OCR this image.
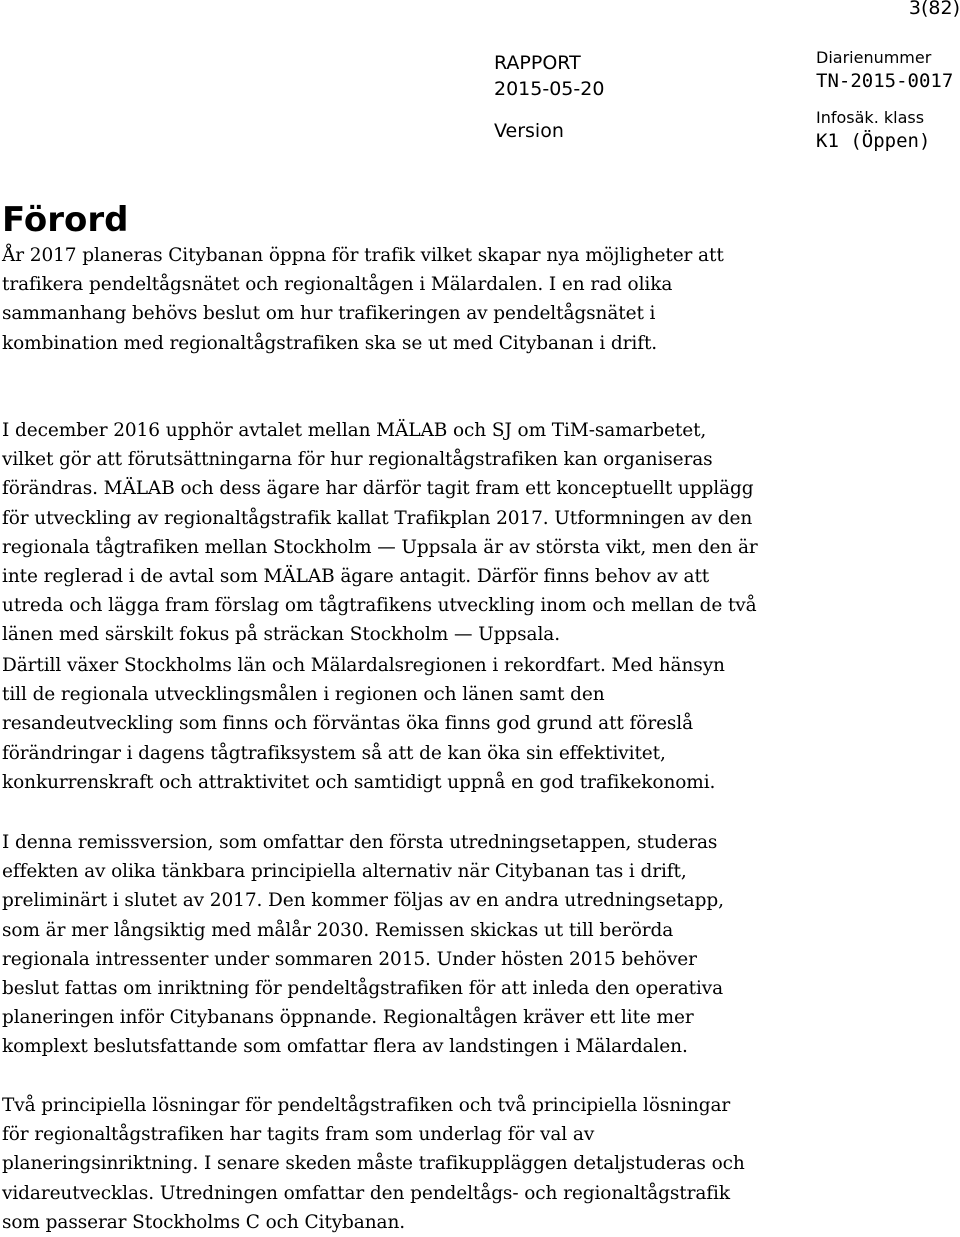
3(82)
RAPPORT
2015-05-20
Version
Diarienummer
TN-2015-0017
Infosäk. klass
K1 (Öppen)
Förord
År 2017 planeras Citybanan öppna för trafik vilket skapar nya möjligheter att
trafikera pendeltågsnätet och regionaltågen i Mälardalen. I en rad olika
sammanhang behövs beslut om hur trafikeringen av pendeltågsnätet i
kombination med regionaltågstrafiken ska se ut med Citybanan i drift.
I december 2016 upphör avtalet mellan MÄLAB och SJ om TiM-samarbetet,
vilket gör att förutsättningarna för hur regionaltågstrafiken kan organiseras
förändras. MÄLAB och dess ägare har därför tagit fram ett konceptuellt upplägg
för utveckling av regionaltågstrafik kallat Trafikplan 2017. Utformningen av den
regionala tågtrafiken mellan Stockholm — Uppsala är av största vikt, men den är
inte reglerad i de avtal som MÄLAB ägare antagit. Därför finns behov av att
utreda och lägga fram förslag om tågtrafikens utveckling inom och mellan de två
länen med särskilt fokus på sträckan Stockholm — Uppsala.
Därtill växer Stockholms län och Mälardalsregionen i rekordfart. Med hänsyn
till de regionala utvecklingsmålen i regionen och länen samt den
resandeutveckling som finns och förväntas öka finns god grund att föreslå
förändringar i dagens tågtrafiksystem så att de kan öka sin effektivitet,
konkurrenskraft och attraktivitet och samtidigt uppnå en god trafikekonomi.
I denna remissversion, som omfattar den första utredningsetappen, studeras
effekten av olika tänkbara principiella alternativ när Citybanan tas i drift,
preliminärt i slutet av 2017. Den kommer följas av en andra utredningsetapp,
som är mer långsiktig med målår 2030. Remissen skickas ut till berörda
regionala intressenter under sommaren 2015. Under hösten 2015 behöver
beslut fattas om inriktning för pendeltågstrafiken för att inleda den operativa
planeringen inför Citybanans öppnande. Regionaltågen kräver ett lite mer
komplext beslutsfattande som omfattar flera av landstingen i Mälardalen.
Två principiella lösningar för pendeltågstrafiken och två principiella lösningar
för regionaltågstrafiken har tagits fram som underlag för val av
planeringsinriktning. I senare skeden måste trafikuppläggen detaljstuderas och
vidareutvecklas. Utredningen omfattar den pendeltågs- och regionaltågstrafik
som passerar Stockholms C och Citybanan.
